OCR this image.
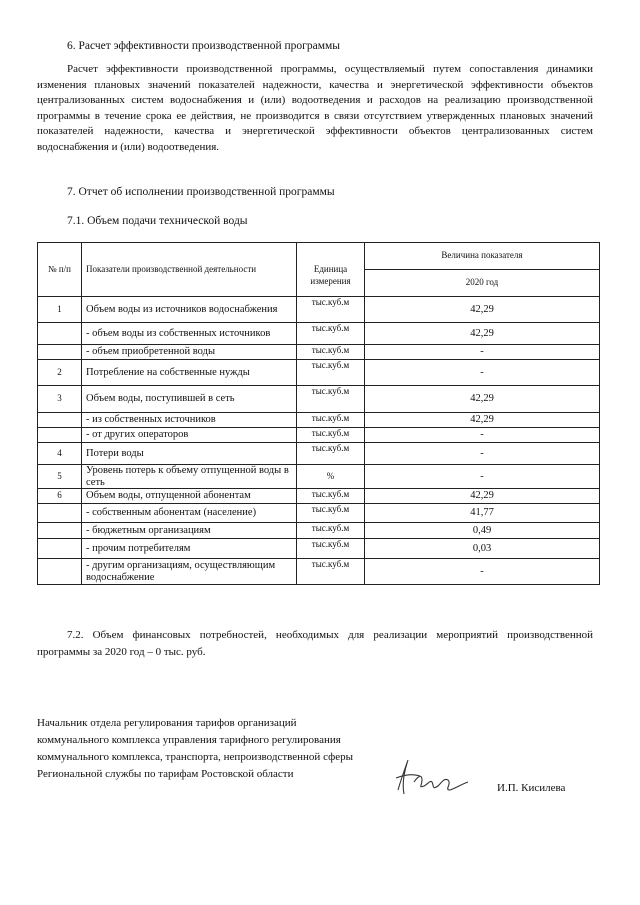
6. Расчет эффективности производственной программы
Расчет эффективности производственной программы, осуществляемый путем сопоставления динамики изменения плановых значений показателей надежности, качества и энергетической эффективности объектов централизованных систем водоснабжения и (или) водоотведения и расходов на реализацию производственной программы в течение срока ее действия, не производится в связи отсутствием утвержденных плановых значений показателей надежности, качества и энергетической эффективности объектов централизованных систем водоснабжения и (или) водоотведения.
7. Отчет об исполнении производственной программы
7.1. Объем подачи технической воды
№ п/п	Показатели производственной деятельности	Единица измерения	Величина показателя
			2020 год
1	Объем воды из источников водоснабжения	тыс.куб.м	42,29
	- объем воды из собственных источников	тыс.куб.м	42,29
	- объем приобретенной воды	тыс.куб.м	-
2	Потребление на собственные нужды	тыс.куб.м	-
3	Объем воды, поступившей в сеть	тыс.куб.м	42,29
	- из собственных источников	тыс.куб.м	42,29
	- от других операторов	тыс.куб.м	-
4	Потери воды	тыс.куб.м	-
5	Уровень потерь к объему отпущенной воды в сеть	%	-
6	Объем воды, отпущенной абонентам	тыс.куб.м	42,29
	- собственным абонентам (население)	тыс.куб.м	41,77
	- бюджетным организациям	тыс.куб.м	0,49
	- прочим потребителям	тыс.куб.м	0,03
	- другим организациям, осуществляющим водоснабжение	тыс.куб.м	-
7.2. Объем финансовых потребностей, необходимых для реализации мероприятий производственной программы за 2020 год – 0 тыс. руб.
Начальник отдела регулирования тарифов организаций коммунального комплекса управления тарифного регулирования коммунального комплекса, транспорта, непроизводственной сферы Региональной службы по тарифам Ростовской области
И.П. Кисилева
